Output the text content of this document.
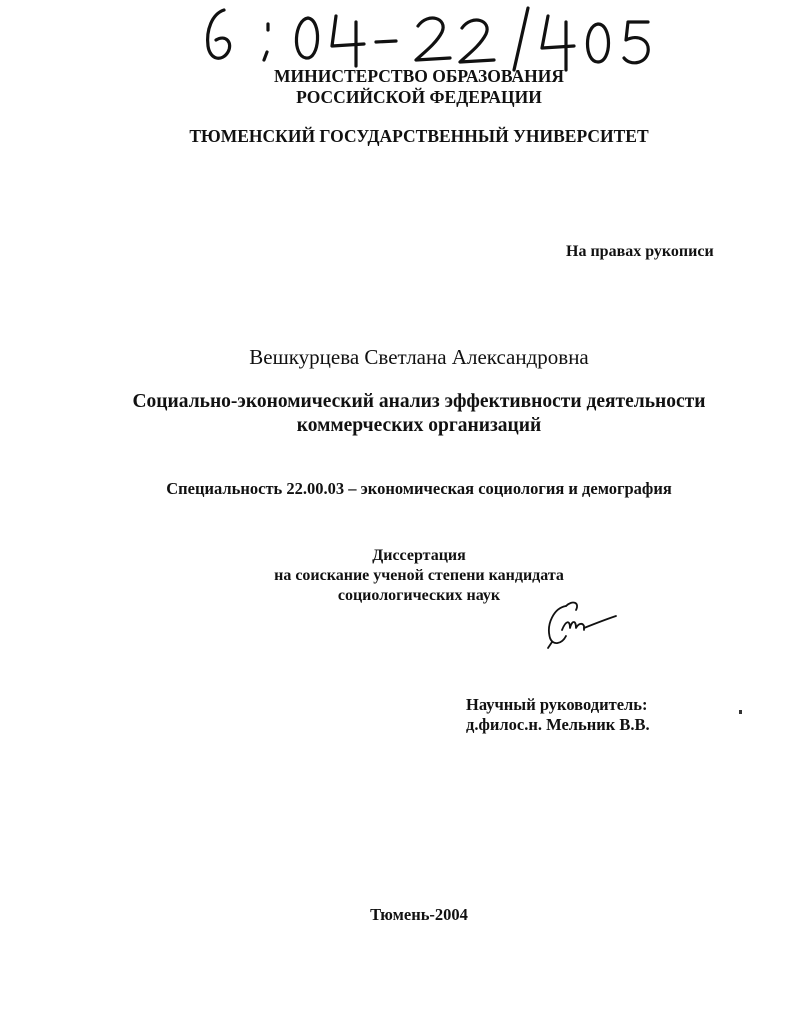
МИНИСТЕРСТВО ОБРАЗОВАНИЯ
РОССИЙСКОЙ ФЕДЕРАЦИИ
ТЮМЕНСКИЙ ГОСУДАРСТВЕННЫЙ УНИВЕРСИТЕТ
На правах рукописи
Вешкурцева Светлана Александровна
Социально-экономический анализ эффективности деятельности
коммерческих организаций
Специальность 22.00.03 – экономическая социология и демография
Диссертация
на соискание ученой степени кандидата
социологических наук
Научный руководитель:
д.филос.н. Мельник В.В.
Тюмень-2004
